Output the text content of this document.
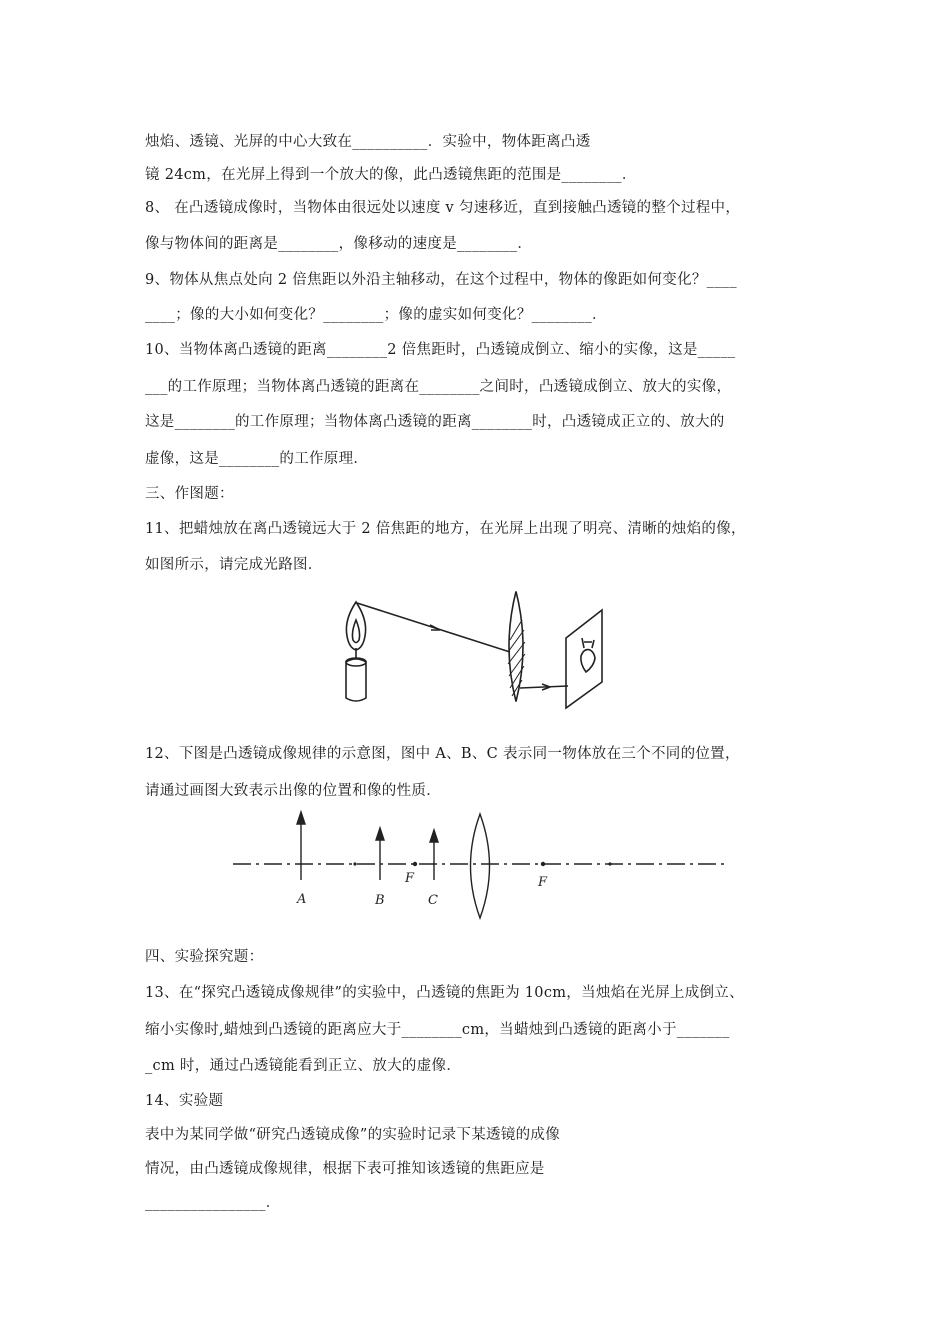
烛焰、透镜、光屏的中心大致在__________．实验中，物体距离凸透
镜 24cm，在光屏上得到一个放大的像，此凸透镜焦距的范围是________．
8、 在凸透镜成像时，当物体由很远处以速度 v 匀速移近，直到接触凸透镜的整个过程中，
像与物体间的距离是________，像移动的速度是________．
9、物体从焦点处向 2 倍焦距以外沿主轴移动，在这个过程中，物体的像距如何变化？____
____；像的大小如何变化？________；像的虚实如何变化？________．
10、当物体离凸透镜的距离________2 倍焦距时，凸透镜成倒立、缩小的实像，这是_____
___的工作原理；当物体离凸透镜的距离在________之间时，凸透镜成倒立、放大的实像，
这是________的工作原理；当物体离凸透镜的距离________时，凸透镜成正立的、放大的
虚像，这是________的工作原理．
三、作图题：
11、把蜡烛放在离凸透镜远大于 2 倍焦距的地方，在光屏上出现了明亮、清晰的烛焰的像，
如图所示，请完成光路图．
12、下图是凸透镜成像规律的示意图，图中 A、B、C 表示同一物体放在三个不同的位置，
请通过画图大致表示出像的位置和像的性质．
A	B	C
F	F
四、实验探究题：
13、在“探究凸透镜成像规律”的实验中，凸透镜的焦距为 10cm，当烛焰在光屏上成倒立、
缩小实像时,蜡烛到凸透镜的距离应大于________cm，当蜡烛到凸透镜的距离小于_______
_cm 时，通过凸透镜能看到正立、放大的虚像．
14、实验题
表中为某同学做“研究凸透镜成像”的实验时记录下某透镜的成像
情况，由凸透镜成像规律，根据下表可推知该透镜的焦距应是
________________．
